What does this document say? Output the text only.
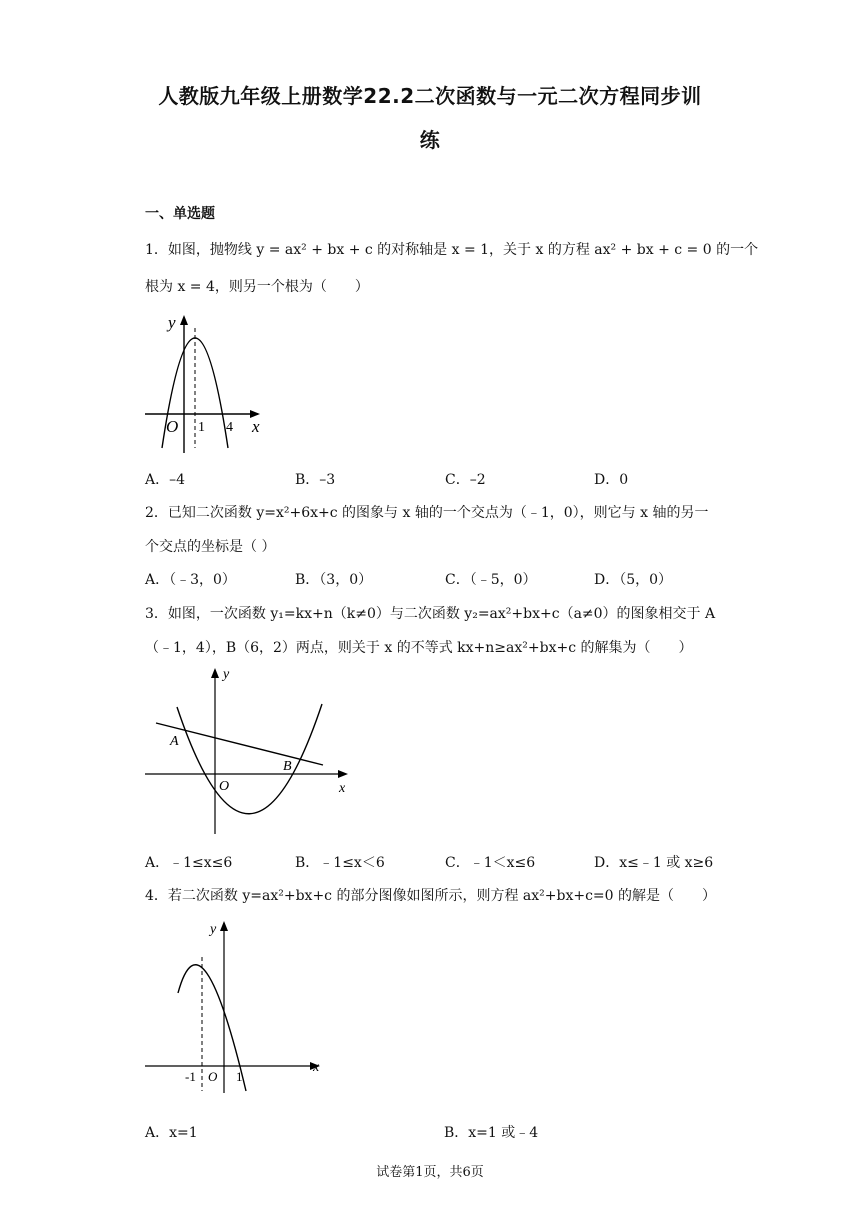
人教版九年级上册数学22.2二次函数与一元二次方程同步训
练
一、单选题
1．如图，抛物线 y = ax² + bx + c 的对称轴是 x = 1，关于 x 的方程 ax² + bx + c = 0 的一个
根为 x = 4，则另一个根为（　　）
O 1 4 x
y
A．–4	B．–3	C．–2	D．0
2．已知二次函数 y=x²+6x+c 的图象与 x 轴的一个交点为（﹣1，0），则它与 x 轴的另一
个交点的坐标是（ ）
A．（﹣3，0）	B．（3，0）	C．（﹣5，0）	D．（5，0）
3．如图，一次函数 y₁=kx+n（k≠0）与二次函数 y₂=ax²+bx+c（a≠0）的图象相交于 A
（﹣1，4），B（6，2）两点，则关于 x 的不等式 kx+n≥ax²+bx+c 的解集为（　　）
A
B
O	x
y
A．﹣1≤x≤6	B．﹣1≤x＜6	C．﹣1＜x≤6	D．x≤﹣1 或 x≥6
4．若二次函数 y=ax²+bx+c 的部分图像如图所示，则方程 ax²+bx+c=0 的解是（　　）
-1 O 1
x
y
A．x=1	B．x=1 或﹣4
试卷第1页，共6页
